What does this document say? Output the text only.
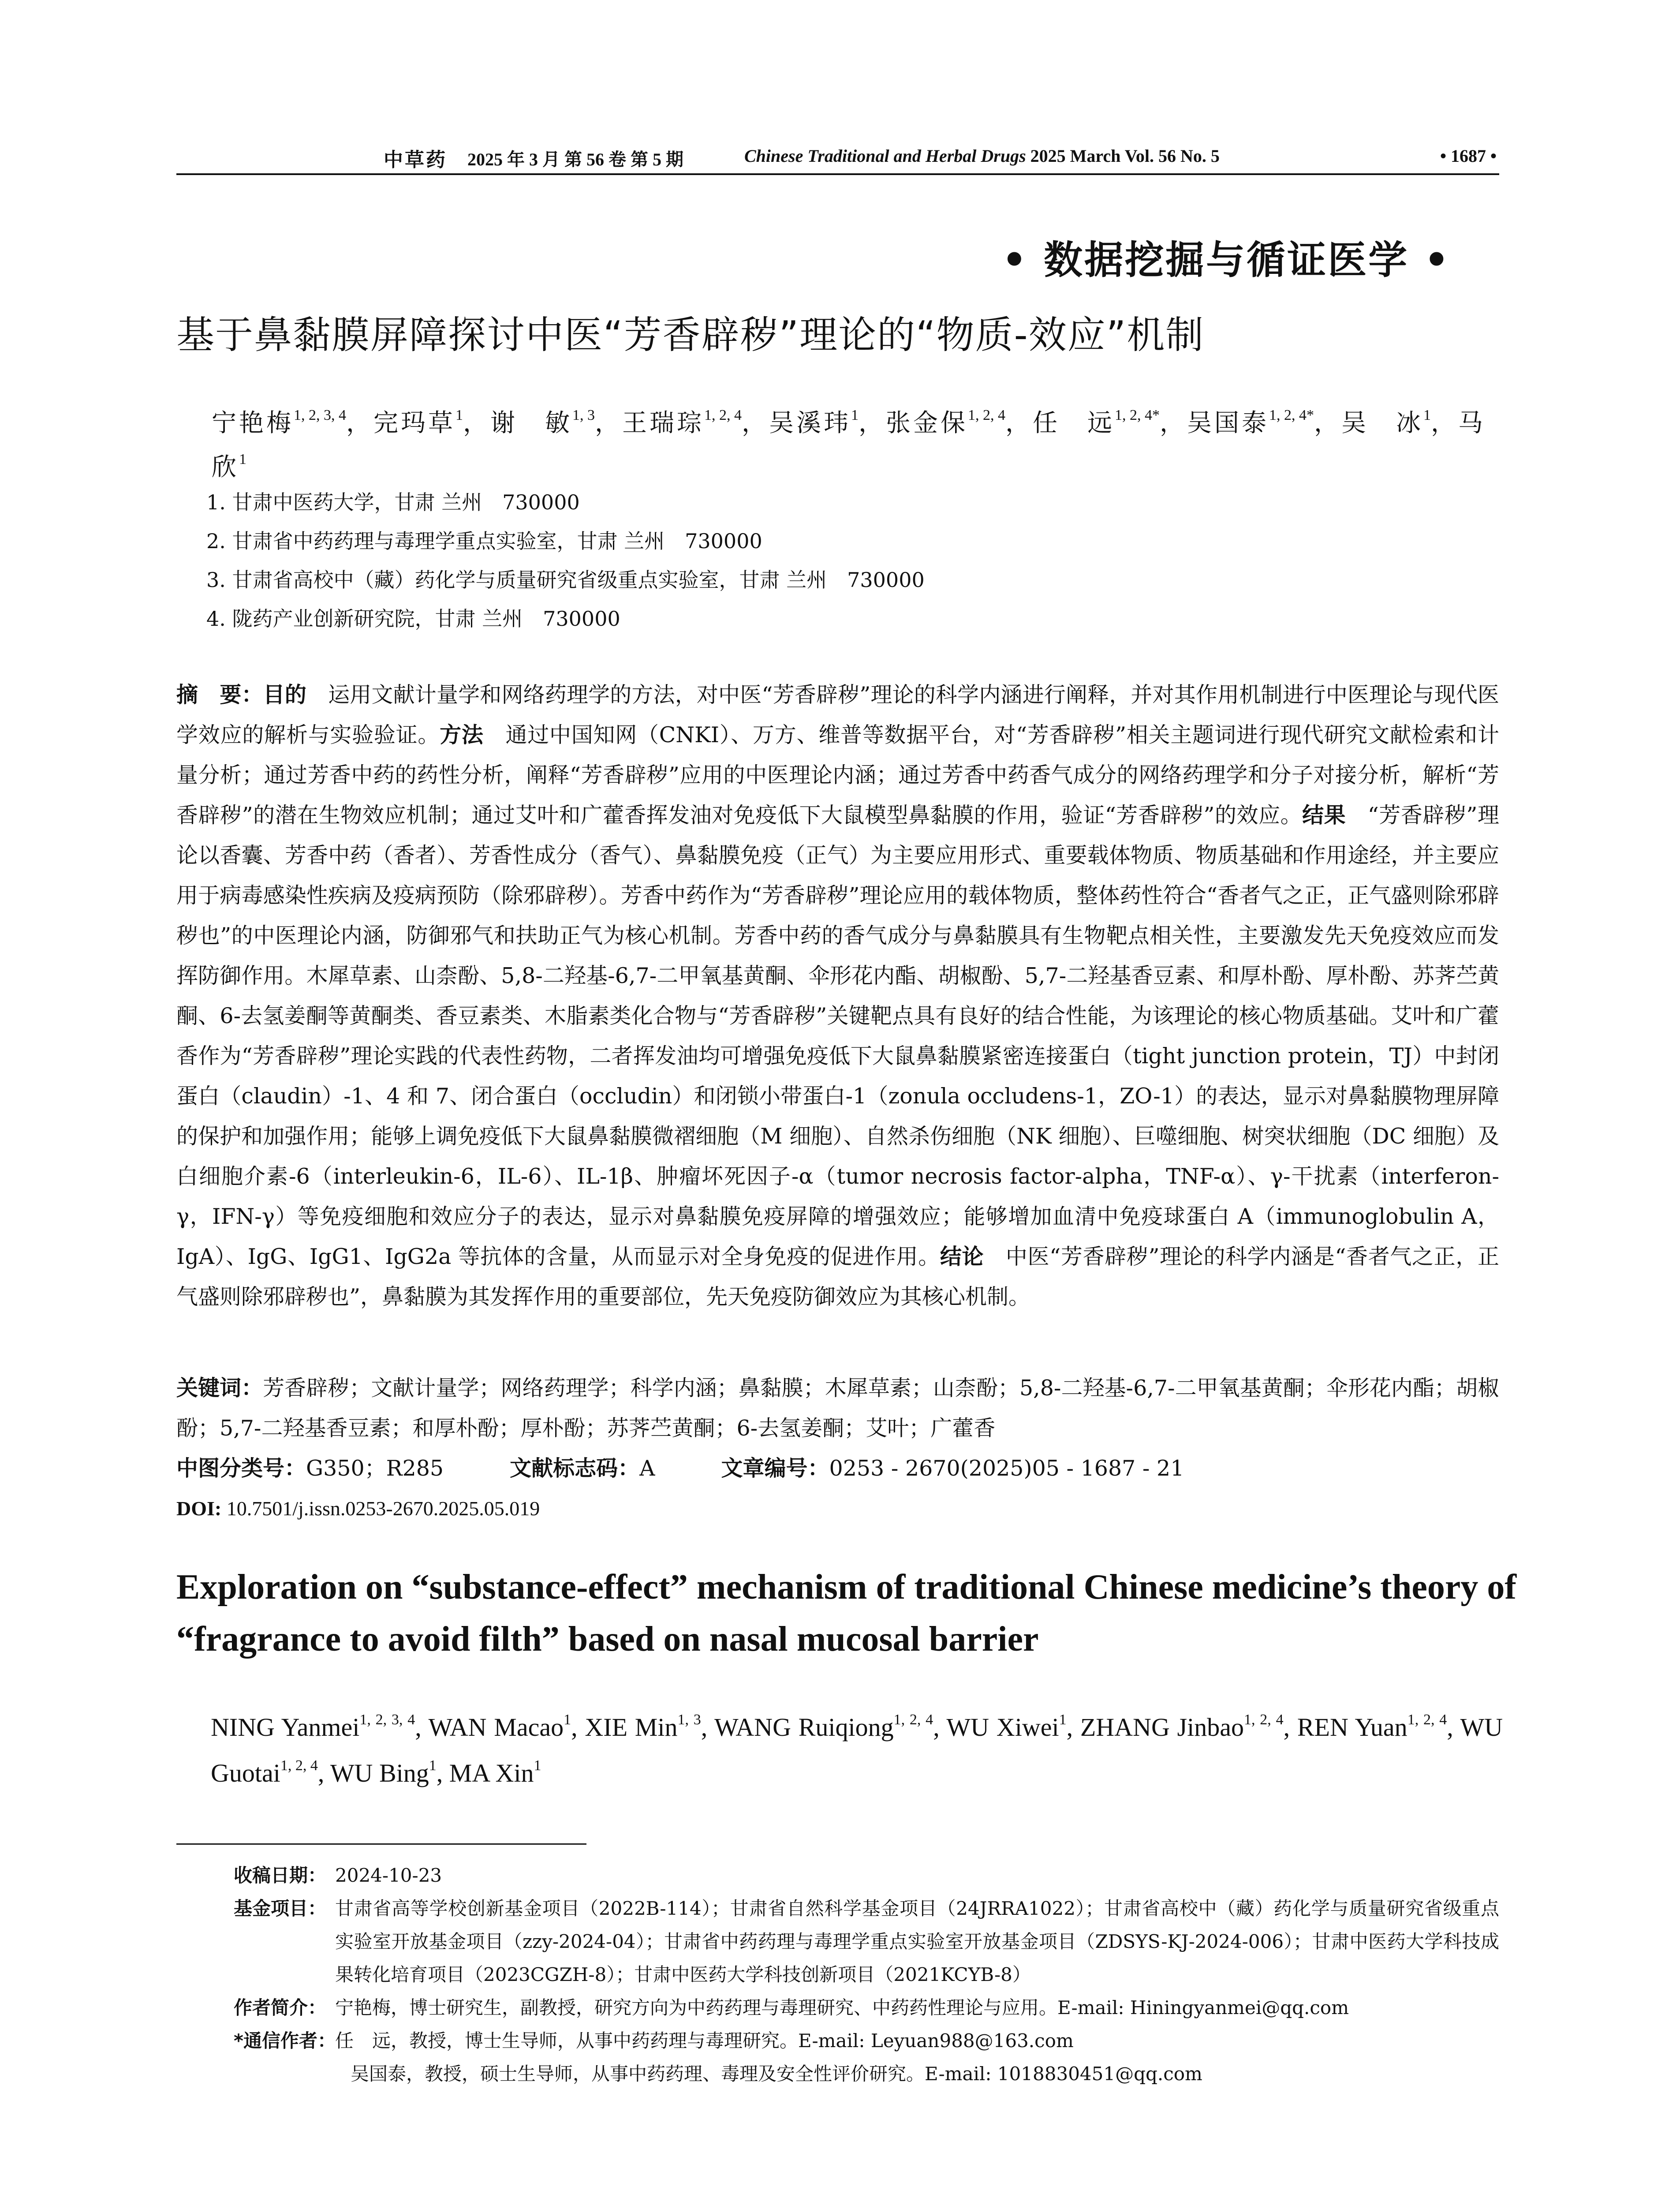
中草药 2025 年 3 月 第 56 卷 第 5 期	Chinese Traditional and Herbal Drugs 2025 March Vol. 56 No. 5	• 1687 •
• 数据挖掘与循证医学 •
基于鼻黏膜屏障探讨中医“芳香辟秽”理论的“物质-效应”机制
宁艳梅$^{1, 2, 3, 4}$，完玛草$^1$，谢　敏$^{1, 3}$，王瑞琮$^{1, 2, 4}$，吴溪玮$^1$，张金保$^{1, 2, 4}$，任　远$^{1, 2, 4*}$，吴国泰$^{1, 2, 4*}$，吴　冰$^1$，马　欣$^1$
1. 甘肃中医药大学，甘肃 兰州　730000
2. 甘肃省中药药理与毒理学重点实验室，甘肃 兰州　730000
3. 甘肃省高校中（藏）药化学与质量研究省级重点实验室，甘肃 兰州　730000
4. 陇药产业创新研究院，甘肃 兰州　730000
摘　要：目的　运用文献计量学和网络药理学的方法，对中医“芳香辟秽”理论的科学内涵进行阐释，并对其作用机制进行中医理论与现代医学效应的解析与实验验证。方法　通过中国知网（CNKI）、万方、维普等数据平台，对“芳香辟秽”相关主题词进行现代研究文献检索和计量分析；通过芳香中药的药性分析，阐释“芳香辟秽”应用的中医理论内涵；通过芳香中药香气成分的网络药理学和分子对接分析，解析“芳香辟秽”的潜在生物效应机制；通过艾叶和广藿香挥发油对免疫低下大鼠模型鼻黏膜的作用，验证“芳香辟秽”的效应。结果　“芳香辟秽”理论以香囊、芳香中药（香者）、芳香性成分（香气）、鼻黏膜免疫（正气）为主要应用形式、重要载体物质、物质基础和作用途经，并主要应用于病毒感染性疾病及疫病预防（除邪辟秽）。芳香中药作为“芳香辟秽”理论应用的载体物质，整体药性符合“香者气之正，正气盛则除邪辟秽也”的中医理论内涵，防御邪气和扶助正气为核心机制。芳香中药的香气成分与鼻黏膜具有生物靶点相关性，主要激发先天免疫效应而发挥防御作用。木犀草素、山柰酚、5,8-二羟基-6,7-二甲氧基黄酮、伞形花内酯、胡椒酚、5,7-二羟基香豆素、和厚朴酚、厚朴酚、苏荠苎黄酮、6-去氢姜酮等黄酮类、香豆素类、木脂素类化合物与“芳香辟秽”关键靶点具有良好的结合性能，为该理论的核心物质基础。艾叶和广藿香作为“芳香辟秽”理论实践的代表性药物，二者挥发油均可增强免疫低下大鼠鼻黏膜紧密连接蛋白（tight junction protein，TJ）中封闭蛋白（claudin）-1、4 和 7、闭合蛋白（occludin）和闭锁小带蛋白-1（zonula occludens-1，ZO-1）的表达，显示对鼻黏膜物理屏障的保护和加强作用；能够上调免疫低下大鼠鼻黏膜微褶细胞（M 细胞）、自然杀伤细胞（NK 细胞）、巨噬细胞、树突状细胞（DC 细胞）及白细胞介素-6（interleukin-6，IL-6）、IL-1β、肿瘤坏死因子-α（tumor necrosis factor-alpha，TNF-α）、γ-干扰素（interferon-γ，IFN-γ）等免疫细胞和效应分子的表达，显示对鼻黏膜免疫屏障的增强效应；能够增加血清中免疫球蛋白 A（immunoglobulin A，IgA）、IgG、IgG1、IgG2a 等抗体的含量，从而显示对全身免疫的促进作用。结论　中医“芳香辟秽”理论的科学内涵是“香者气之正，正气盛则除邪辟秽也”，鼻黏膜为其发挥作用的重要部位，先天免疫防御效应为其核心机制。
关键词：芳香辟秽；文献计量学；网络药理学；科学内涵；鼻黏膜；木犀草素；山柰酚；5,8-二羟基-6,7-二甲氧基黄酮；伞形花内酯；胡椒酚；5,7-二羟基香豆素；和厚朴酚；厚朴酚；苏荠苎黄酮；6-去氢姜酮；艾叶；广藿香
中图分类号：G350；R285	文献标志码：A	文章编号：0253 - 2670(2025)05 - 1687 - 21
DOI: 10.7501/j.issn.0253-2670.2025.05.019
Exploration on “substance-effect” mechanism of traditional Chinese medicine’s theory of “fragrance to avoid filth” based on nasal mucosal barrier
NING Yanmei$^{1, 2, 3, 4}$, WAN Macao$^1$, XIE Min$^{1, 3}$, WANG Ruiqiong$^{1, 2, 4}$, WU Xiwei$^1$, ZHANG Jinbao$^{1, 2, 4}$, REN Yuan$^{1, 2, 4}$, WU Guotai$^{1, 2, 4}$, WU Bing$^1$, MA Xin$^1$
收稿日期： 2024-10-23
基金项目： 甘肃省高等学校创新基金项目（2022B-114）；甘肃省自然科学基金项目（24JRRA1022）；甘肃省高校中（藏）药化学与质量研究省级重点实验室开放基金项目（zzy-2024-04）；甘肃省中药药理与毒理学重点实验室开放基金项目（ZDSYS-KJ-2024-006）；甘肃中医药大学科技成果转化培育项目（2023CGZH-8）；甘肃中医药大学科技创新项目（2021KCYB-8）
作者简介： 宁艳梅，博士研究生，副教授，研究方向为中药药理与毒理研究、中药药性理论与应用。E-mail: Hiningyanmei@qq.com
*通信作者：
任　远，教授，博士生导师，从事中药药理与毒理研究。E-mail: Leyuan988@163.com
吴国泰，教授，硕士生导师，从事中药药理、毒理及安全性评价研究。E-mail: 1018830451@qq.com
